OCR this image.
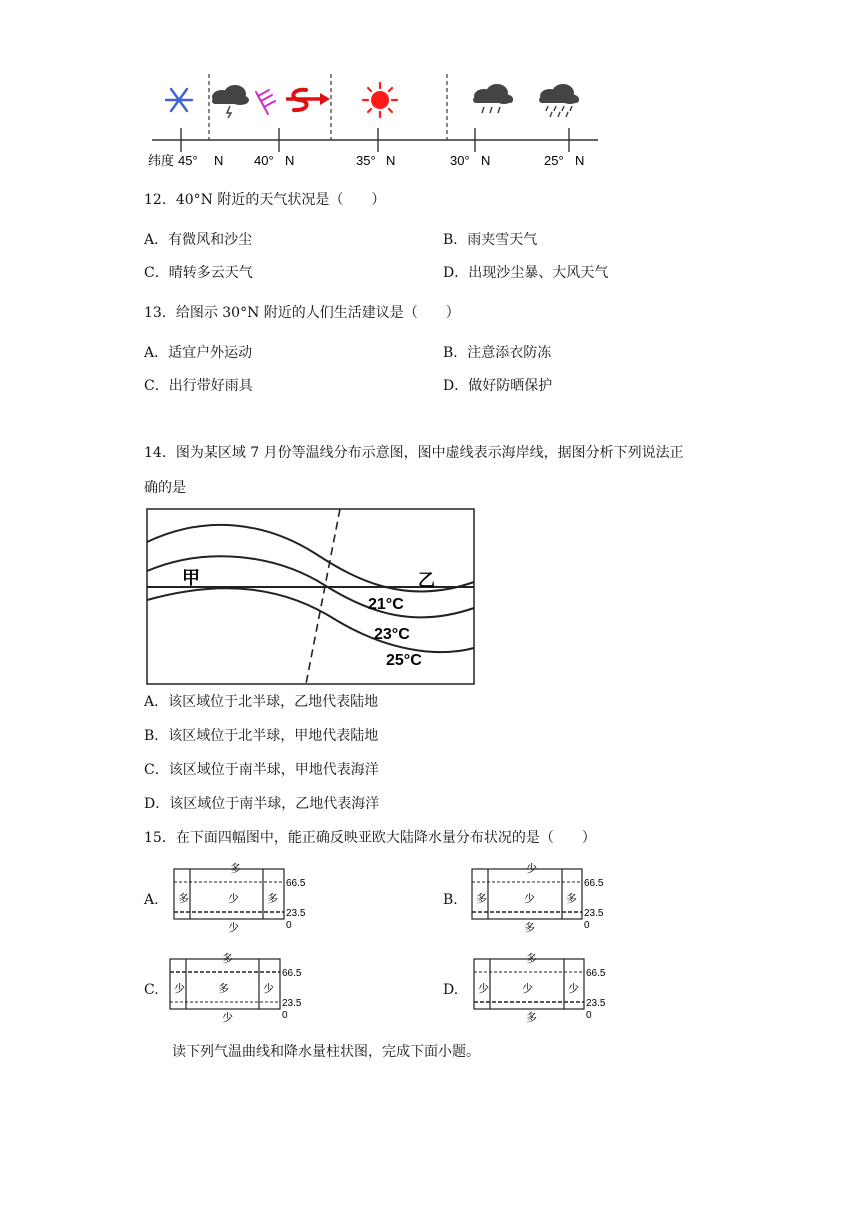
纬度 45° N 40° N	35° N	30° N	25° N
12．40°N 附近的天气状况是（　　）
A．有微风和沙尘	B．雨夹雪天气
C．晴转多云天气	D．出现沙尘暴、大风天气
13．给图示 30°N 附近的人们生活建议是（　　）
A．适宜户外运动	B．注意添衣防冻
C．出行带好雨具	D．做好防晒保护
14．图为某区域 7 月份等温线分布示意图，图中虚线表示海岸线，据图分析下列说法正
确的是
甲	乙
21°C
23°C
25°C
A．该区域位于北半球，乙地代表陆地
B．该区域位于北半球，甲地代表陆地
C．该区域位于南半球，甲地代表海洋
D．该区域位于南半球，乙地代表海洋
15．在下面四幅图中，能正确反映亚欧大陆降水量分布状况的是（　　）
A.
多
多	少	多
少
66.5
23.5
0
B.
少
多	少	多
多
66.5
23.5
0
C.
多
少	多	少
少
66.5
23.5
0
D.
多
少	少	少
多
66.5
23.5
0
读下列气温曲线和降水量柱状图，完成下面小题。
